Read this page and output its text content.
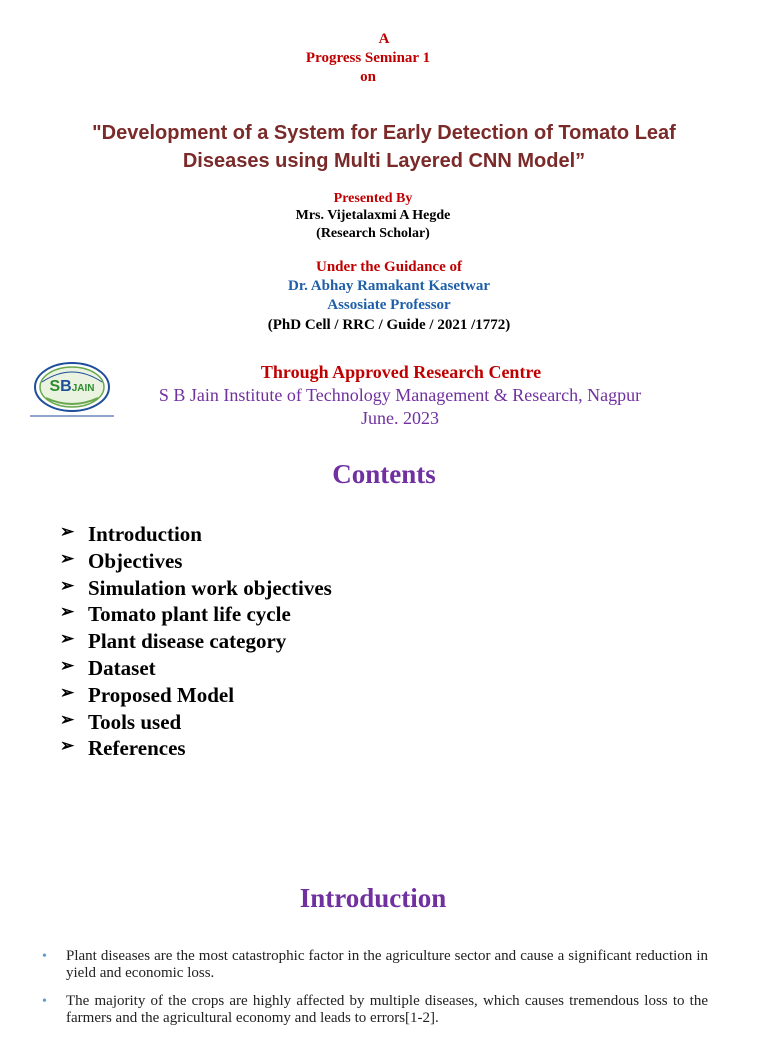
A
Progress Seminar 1
on
"Development of a System for Early Detection of Tomato Leaf
Diseases using Multi Layered CNN Model”
Presented By
Mrs. Vijetalaxmi A Hegde
(Research Scholar)
Under the Guidance of
Dr. Abhay Ramakant Kasetwar
Assosiate Professor
(PhD Cell / RRC / Guide / 2021 /1772)
SBJAIN
Through Approved Research Centre
S B Jain Institute of Technology Management & Research, Nagpur
June. 2023
Contents
➢ Introduction
➢ Objectives
➢ Simulation work objectives
➢ Tomato plant life cycle
➢ Plant disease category
➢ Dataset
➢ Proposed Model
➢ Tools used
➢ References
Introduction
• Plant diseases are the most catastrophic factor in the agriculture sector and cause a significant reduction in yield and economic loss.
• The majority of the crops are highly affected by multiple diseases, which causes tremendous loss to the farmers and the agricultural economy and leads to errors[1-2].
